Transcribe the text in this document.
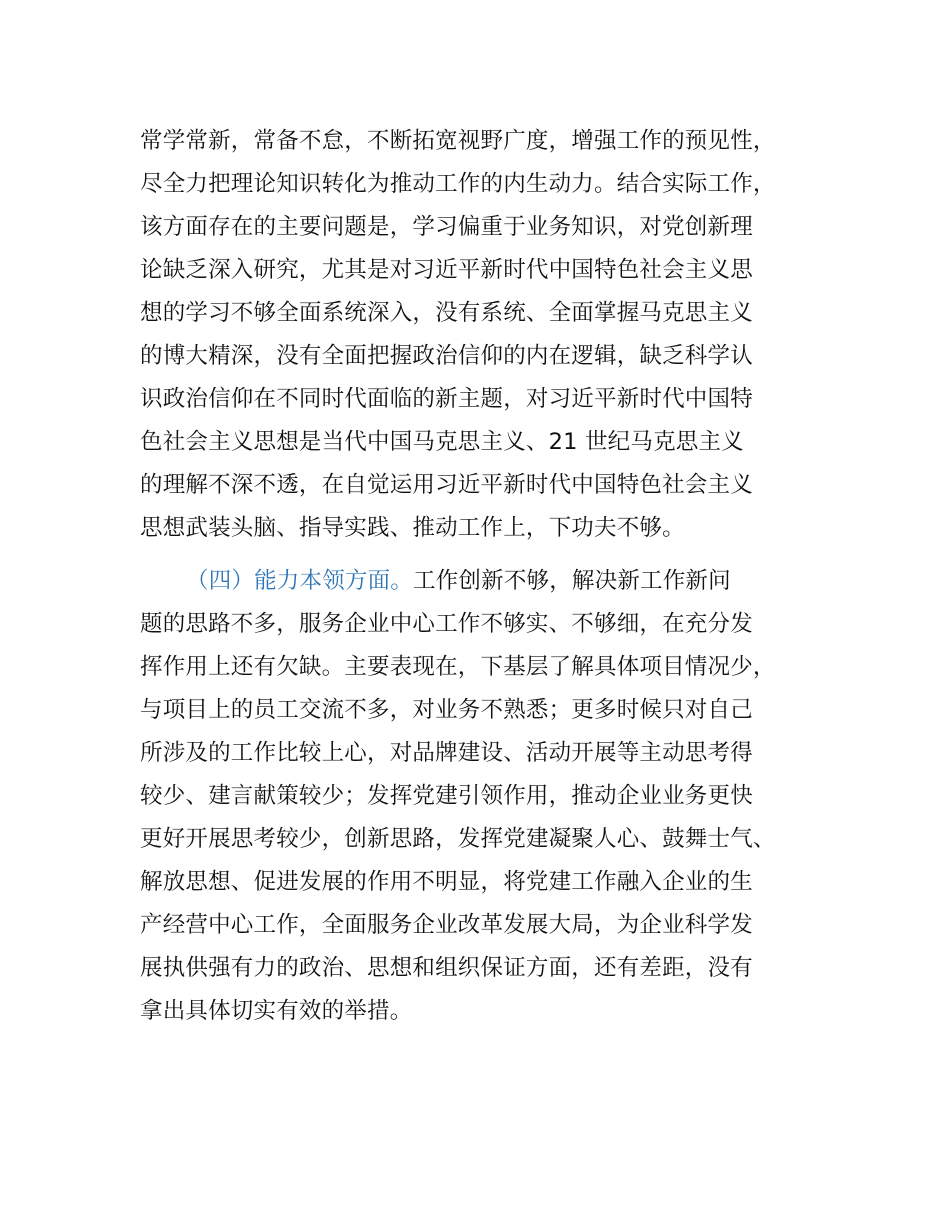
常学常新，常备不怠，不断拓宽视野广度，增强工作的预见性，
尽全力把理论知识转化为推动工作的内生动力。结合实际工作，
该方面存在的主要问题是，学习偏重于业务知识，对党创新理
论缺乏深入研究，尤其是对习近平新时代中国特色社会主义思
想的学习不够全面系统深入，没有系统、全面掌握马克思主义
的博大精深，没有全面把握政治信仰的内在逻辑，缺乏科学认
识政治信仰在不同时代面临的新主题，对习近平新时代中国特
色社会主义思想是当代中国马克思主义、21 世纪马克思主义
的理解不深不透，在自觉运用习近平新时代中国特色社会主义
思想武装头脑、指导实践、推动工作上，下功夫不够。
（四）能力本领方面。工作创新不够，解决新工作新问
题的思路不多，服务企业中心工作不够实、不够细，在充分发
挥作用上还有欠缺。主要表现在，下基层了解具体项目情况少，
与项目上的员工交流不多，对业务不熟悉；更多时候只对自己
所涉及的工作比较上心，对品牌建设、活动开展等主动思考得
较少、建言献策较少；发挥党建引领作用，推动企业业务更快
更好开展思考较少，创新思路，发挥党建凝聚人心、鼓舞士气、
解放思想、促进发展的作用不明显，将党建工作融入企业的生
产经营中心工作，全面服务企业改革发展大局，为企业科学发
展执供强有力的政治、思想和组织保证方面，还有差距，没有
拿出具体切实有效的举措。
